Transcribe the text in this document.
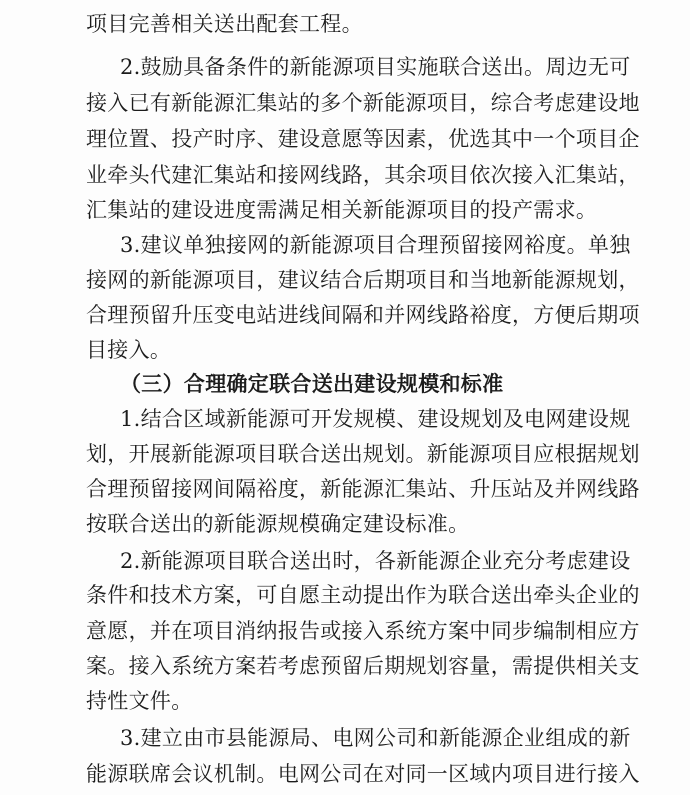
项目完善相关送出配套工程。
2.鼓励具备条件的新能源项目实施联合送出。周边无可
接入已有新能源汇集站的多个新能源项目，综合考虑建设地
理位置、投产时序、建设意愿等因素，优选其中一个项目企
业牵头代建汇集站和接网线路，其余项目依次接入汇集站，
汇集站的建设进度需满足相关新能源项目的投产需求。
3.建议单独接网的新能源项目合理预留接网裕度。单独
接网的新能源项目，建议结合后期项目和当地新能源规划，
合理预留升压变电站进线间隔和并网线路裕度，方便后期项
目接入。
（三）合理确定联合送出建设规模和标准
1.结合区域新能源可开发规模、建设规划及电网建设规
划，开展新能源项目联合送出规划。新能源项目应根据规划
合理预留接网间隔裕度，新能源汇集站、升压站及并网线路
按联合送出的新能源规模确定建设标准。
2.新能源项目联合送出时，各新能源企业充分考虑建设
条件和技术方案，可自愿主动提出作为联合送出牵头企业的
意愿，并在项目消纳报告或接入系统方案中同步编制相应方
案。接入系统方案若考虑预留后期规划容量，需提供相关支
持性文件。
3.建立由市县能源局、电网公司和新能源企业组成的新
能源联席会议机制。电网公司在对同一区域内项目进行接入
